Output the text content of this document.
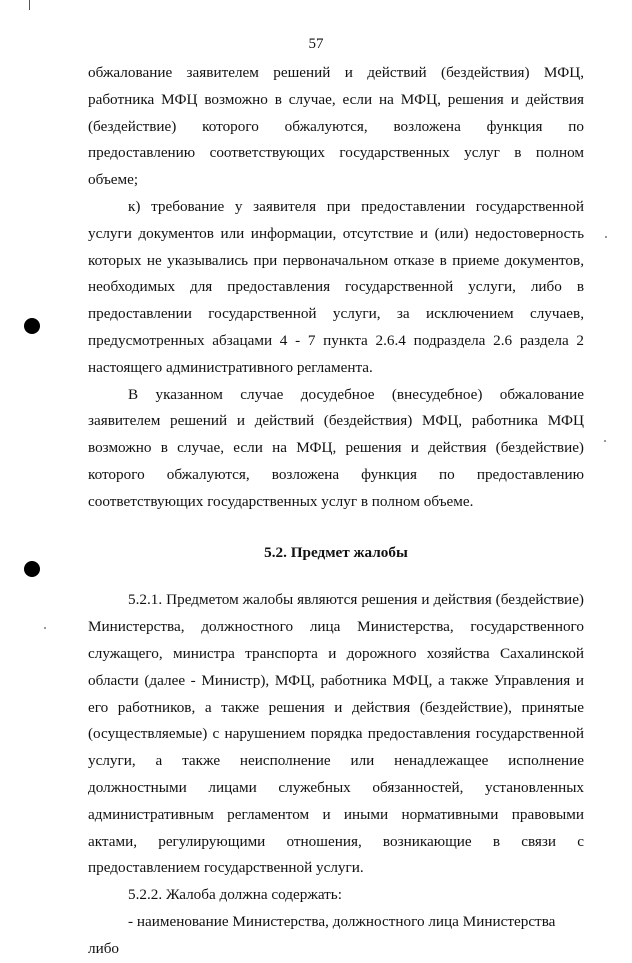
57

обжалование заявителем решений и действий (бездействия) МФЦ, работника МФЦ возможно в случае, если на МФЦ, решения и действия (бездействие) которого обжалуются, возложена функция по предоставлению соответствующих государственных услуг в полном объеме;

к) требование у заявителя при предоставлении государственной услуги документов или информации, отсутствие и (или) недостоверность которых не указывались при первоначальном отказе в приеме документов, необходимых для предоставления государственной услуги, либо в предоставлении государственной услуги, за исключением случаев, предусмотренных абзацами 4 - 7 пункта 2.6.4 подраздела 2.6 раздела 2 настоящего административного регламента.

В указанном случае досудебное (внесудебное) обжалование заявителем решений и действий (бездействия) МФЦ, работника МФЦ возможно в случае, если на МФЦ, решения и действия (бездействие) которого обжалуются, возложена функция по предоставлению соответствующих государственных услуг в полном объеме.

5.2. Предмет жалобы

5.2.1. Предметом жалобы являются решения и действия (бездействие) Министерства, должностного лица Министерства, государственного служащего, министра транспорта и дорожного хозяйства Сахалинской области (далее - Министр), МФЦ, работника МФЦ, а также Управления и его работников, а также решения и действия (бездействие), принятые (осуществляемые) с нарушением порядка предоставления государственной услуги, а также неисполнение или ненадлежащее исполнение должностными лицами служебных обязанностей, установленных административным регламентом и иными нормативными правовыми актами, регулирующими отношения, возникающие в связи с предоставлением государственной услуги.

5.2.2. Жалоба должна содержать:

- наименование Министерства, должностного лица Министерства либо
